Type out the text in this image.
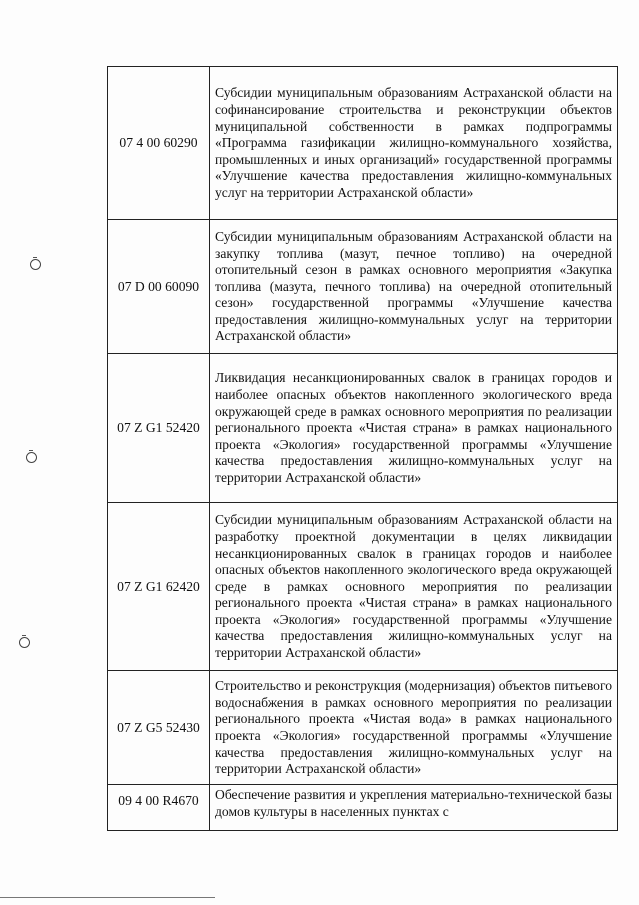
07 4 00 60290	Субсидии муниципальным образованиям Астраханской области на софинансирование строительства и реконструкции объектов муниципальной собственности в рамках подпрограммы «Программа газификации жилищно-коммунального хозяйства, промышленных и иных организаций» государственной программы «Улучшение качества предоставления жилищно-коммунальных услуг на территории Астраханской области»
07 D 00 60090	Субсидии муниципальным образованиям Астраханской области на закупку топлива (мазут, печное топливо) на очередной отопительный сезон в рамках основного мероприятия «Закупка топлива (мазута, печного топлива) на очередной отопительный сезон» государственной программы «Улучшение качества предоставления жилищно-коммунальных услуг на территории Астраханской области»
07 Z G1 52420	Ликвидация несанкционированных свалок в границах городов и наиболее опасных объектов накопленного экологического вреда окружающей среде в рамках основного мероприятия по реализации регионального проекта «Чистая страна» в рамках национального проекта «Экология» государственной программы «Улучшение качества предоставления жилищно-коммунальных услуг на территории Астраханской области»
07 Z G1 62420	Субсидии муниципальным образованиям Астраханской области на разработку проектной документации в целях ликвидации несанкционированных свалок в границах городов и наиболее опасных объектов накопленного экологического вреда окружающей среде в рамках основного мероприятия по реализации регионального проекта «Чистая страна» в рамках национального проекта «Экология» государственной программы «Улучшение качества предоставления жилищно-коммунальных услуг на территории Астраханской области»
07 Z G5 52430	Строительство и реконструкция (модернизация) объектов питьевого водоснабжения в рамках основного мероприятия по реализации регионального проекта «Чистая вода» в рамках национального проекта «Экология» государственной программы «Улучшение качества предоставления жилищно-коммунальных услуг на территории Астраханской области»
09 4 00 R4670	Обеспечение развития и укрепления материально-технической базы домов культуры в населенных пунктах с
